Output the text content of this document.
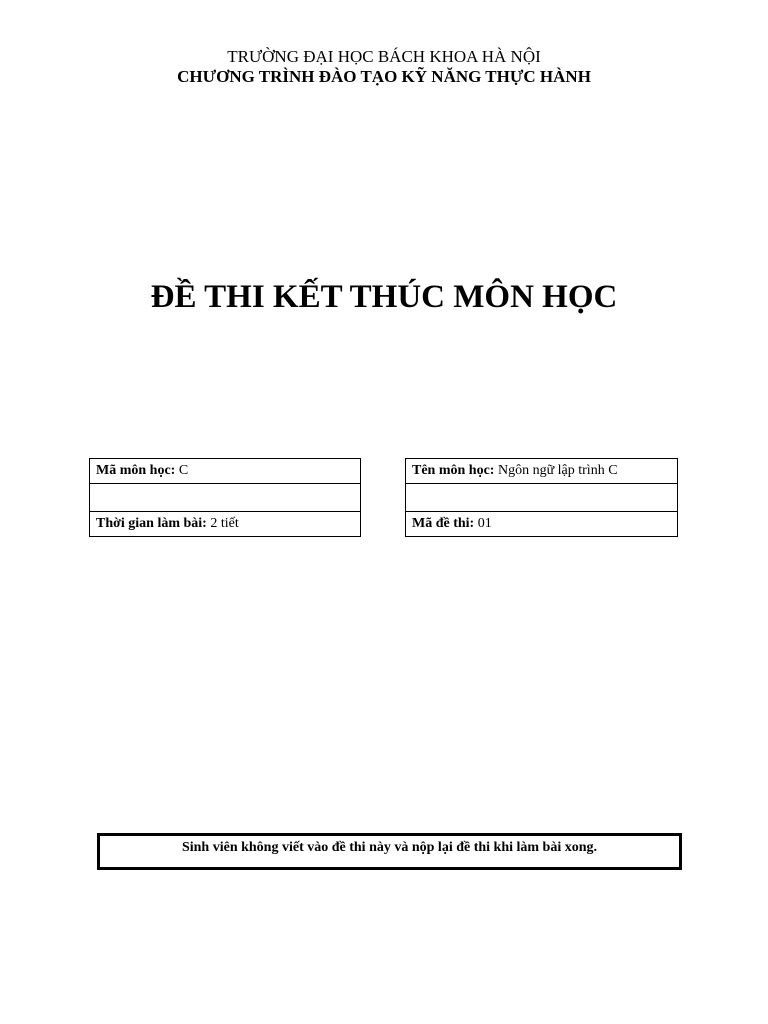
TRƯỜNG ĐẠI HỌC BÁCH KHOA HÀ NỘI
CHƯƠNG TRÌNH ĐÀO TẠO KỸ NĂNG THỰC HÀNH
ĐỀ THI KẾT THÚC MÔN HỌC
Mã môn học: C
Thời gian làm bài: 2 tiết
Tên môn học: Ngôn ngữ lập trình C
Mã đề thi: 01
Sinh viên không viết vào đề thi này và nộp lại đề thi khi làm bài xong.
